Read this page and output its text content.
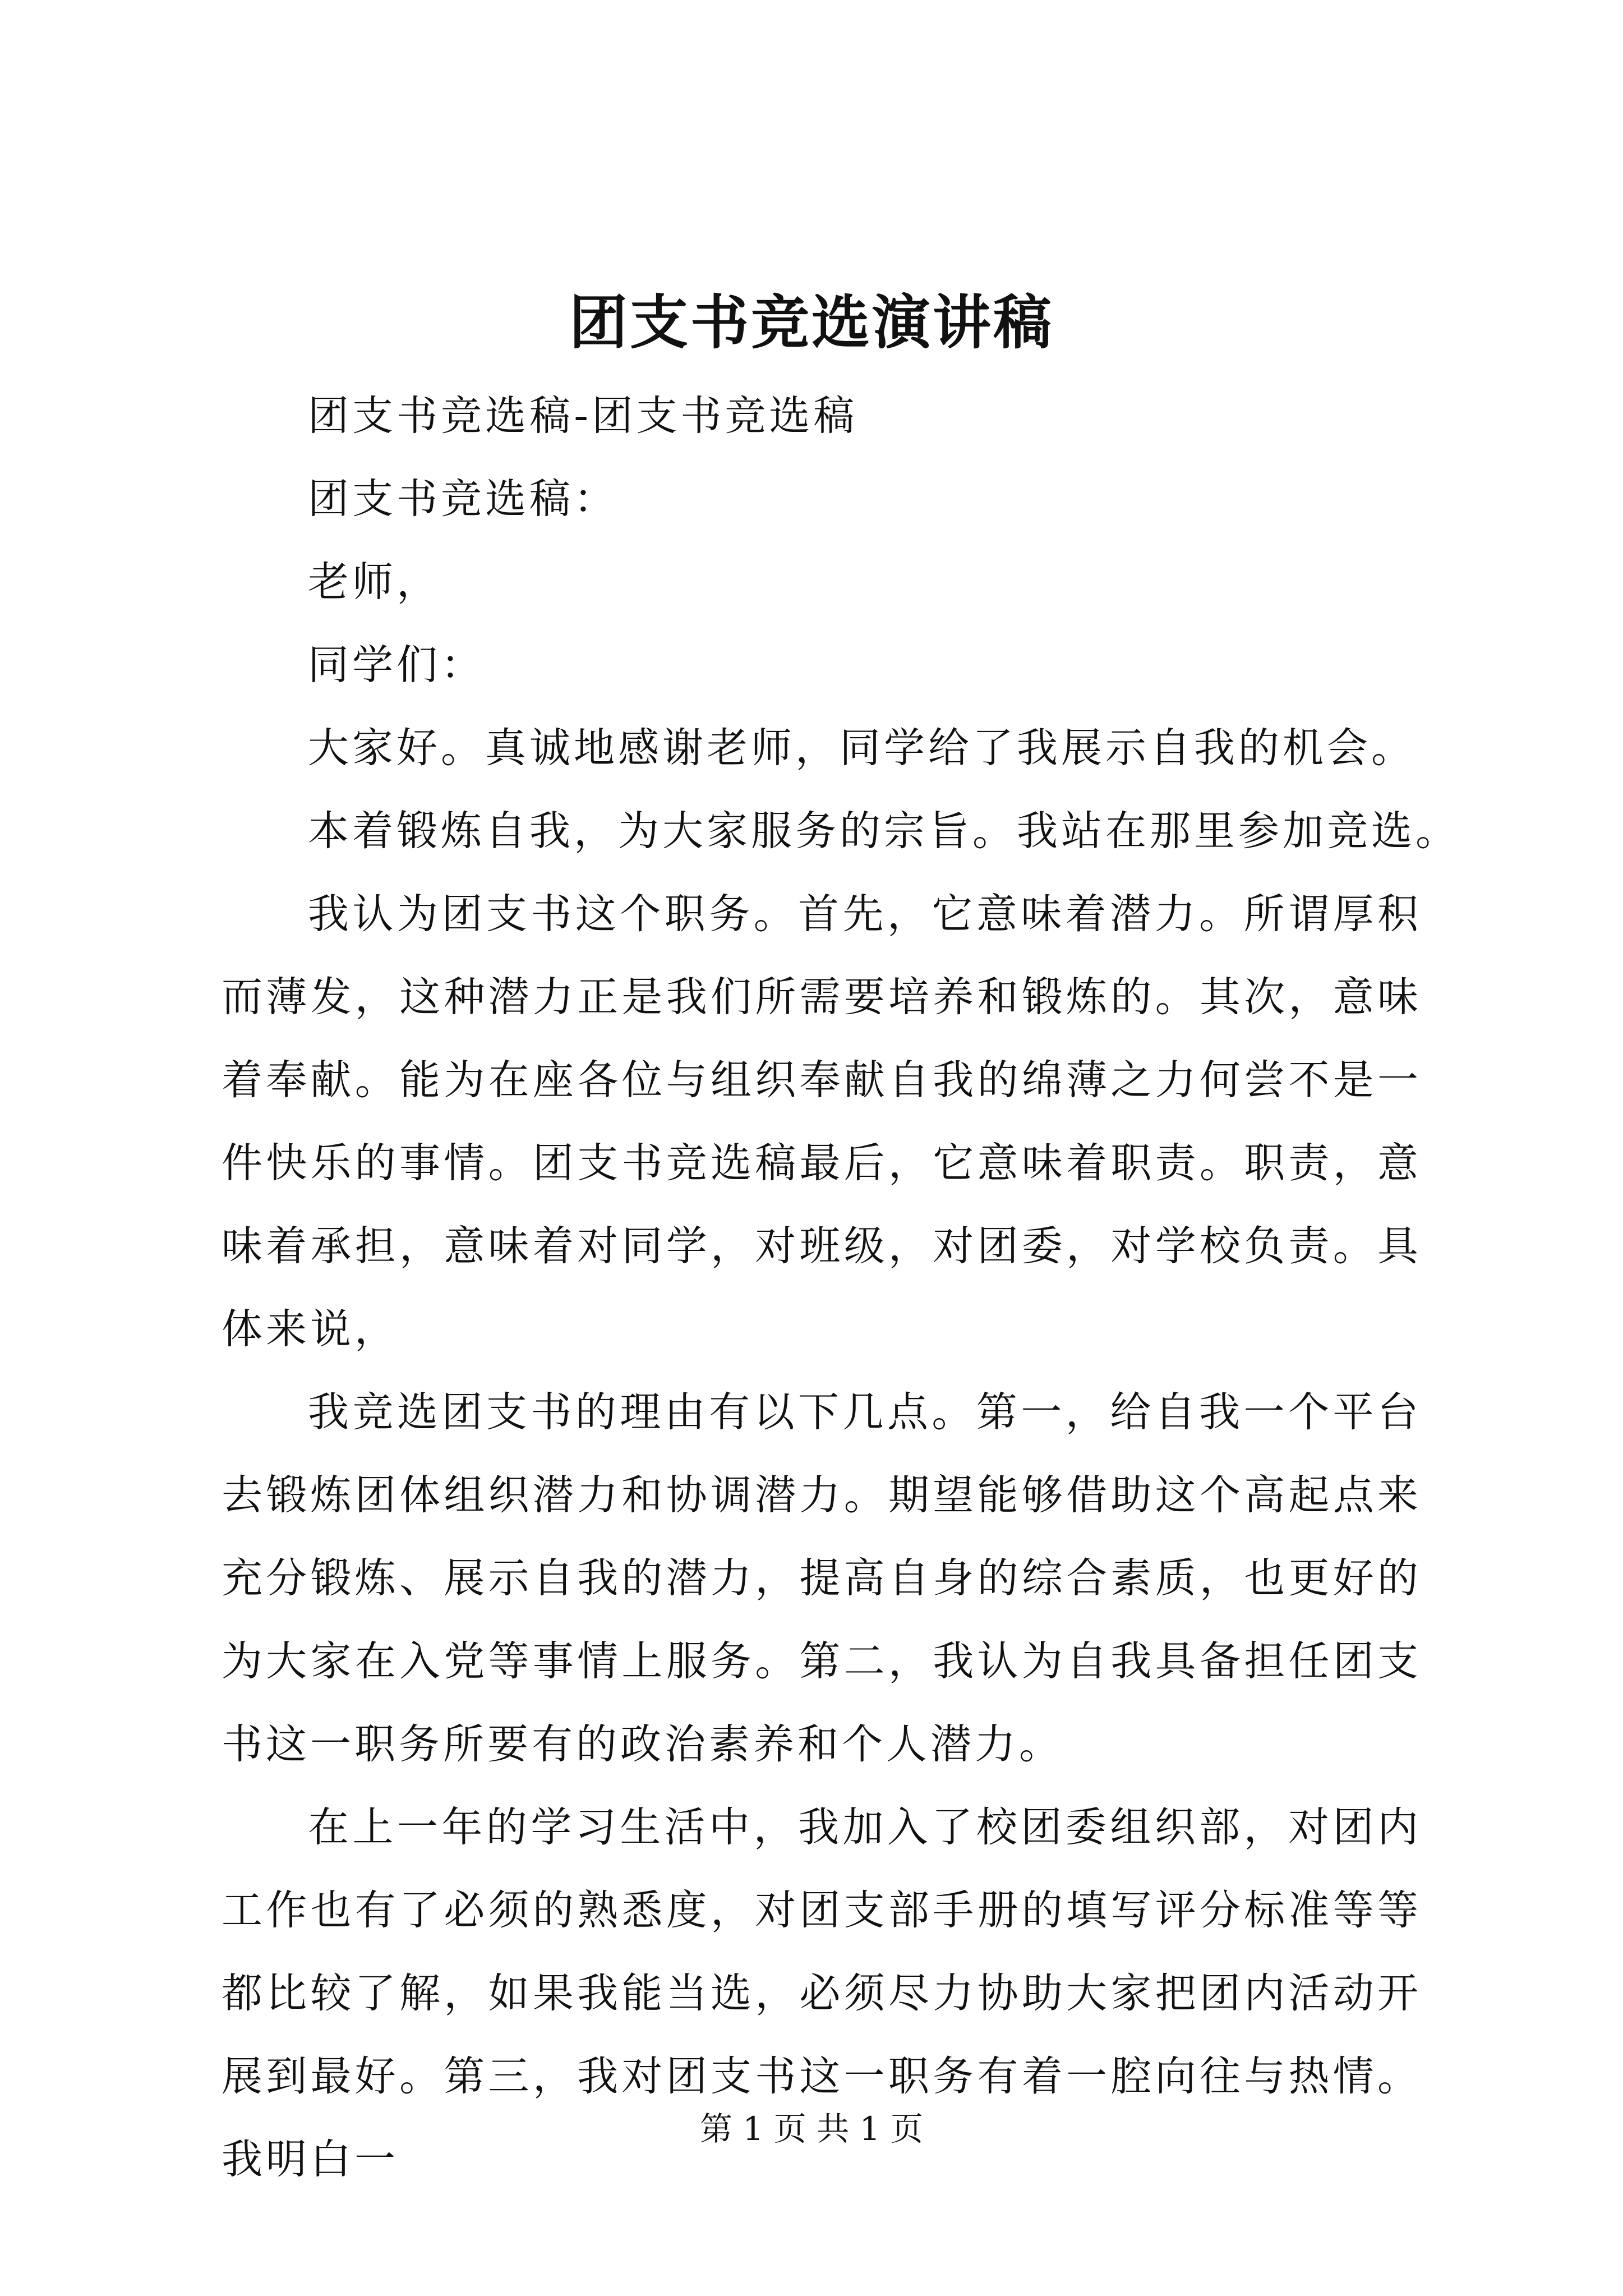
团支书竞选演讲稿

团支书竞选稿-团支书竞选稿

团支书竞选稿：

老师，

同学们：

大家好。真诚地感谢老师，同学给了我展示自我的机会。

本着锻炼自我，为大家服务的宗旨。我站在那里参加竞选。

我认为团支书这个职务。首先，它意味着潜力。所谓厚积而薄发，这种潜力正是我们所需要培养和锻炼的。其次，意味着奉献。能为在座各位与组织奉献自我的绵薄之力何尝不是一件快乐的事情。团支书竞选稿最后，它意味着职责。职责，意味着承担，意味着对同学，对班级，对团委，对学校负责。具体来说，

我竞选团支书的理由有以下几点。第一，给自我一个平台去锻炼团体组织潜力和协调潜力。期望能够借助这个高起点来充分锻炼、展示自我的潜力，提高自身的综合素质，也更好的为大家在入党等事情上服务。第二，我认为自我具备担任团支书这一职务所要有的政治素养和个人潜力。

在上一年的学习生活中，我加入了校团委组织部，对团内工作也有了必须的熟悉度，对团支部手册的填写评分标准等等都比较了解，如果我能当选，必须尽力协助大家把团内活动开展到最好。第三，我对团支书这一职务有着一腔向往与热情。我明白一

第 1 页 共 1 页
